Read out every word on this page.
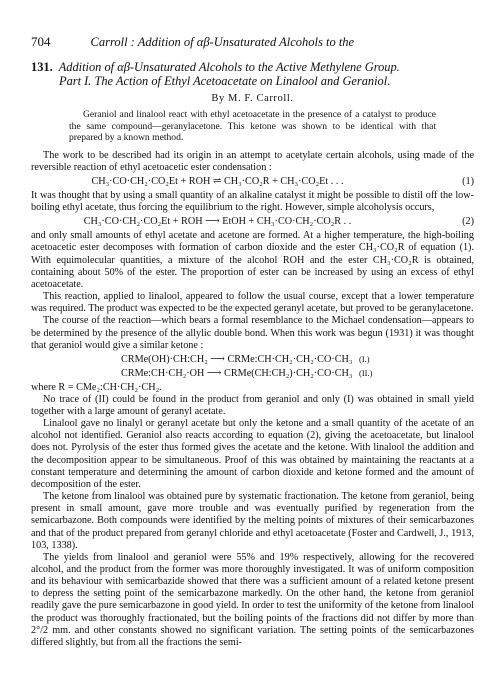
704	Carroll : Addition of αβ-Unsaturated Alcohols to the
131. Addition of αβ-Unsaturated Alcohols to the Active Methylene Group.
Part I. The Action of Ethyl Acetoacetate on Linalool and Geraniol.
By M. F. Carroll.
Geraniol and linalool react with ethyl acetoacetate in the presence of a catalyst to produce the same compound—geranylacetone. This ketone was shown to be identical with that prepared by a known method.

The work to be described had its origin in an attempt to acetylate certain alcohols, using made of the reversible reaction of ethyl acetoacetic ester condensation :

CH₃·CO·CH₂·CO₂Et + ROH ⇌ CH₃·CO₂R + CH₃·CO₂Et . . .	(1)

It was thought that by using a small quantity of an alkaline catalyst it might be possible to distil off the low-boiling ethyl acetate, thus forcing the equilibrium to the right. However, simple alcoholysis occurs,

CH₃·CO·CH₂·CO₂Et + ROH ⟶ EtOH + CH₃·CO·CH₂·CO₂R . .	(2)

and only small amounts of ethyl acetate and acetone are formed. At a higher temperature, the high-boiling acetoacetic ester decomposes with formation of carbon dioxide and the ester CH₃·CO₂R of equation (1). With equimolecular quantities, a mixture of the alcohol ROH and the ester CH₃·CO₂R is obtained, containing about 50% of the ester. The proportion of ester can be increased by using an excess of ethyl acetoacetate.

This reaction, applied to linalool, appeared to follow the usual course, except that a lower temperature was required. The product was expected to be the expected geranyl acetate, but proved to be geranylacetone.

The course of the reaction—which bears a formal resemblance to the Michael condensation—appears to be determined by the presence of the allylic double bond. When this work was begun (1931) it was thought that geraniol would give a similar ketone :

CRMe(OH)·CH:CH₂ ⟶ CRMe:CH·CH₂·CH₂·CO·CH₃ (I.)
CRMe:CH·CH₂·OH ⟶ CRMe(CH:CH₂)·CH₂·CO·CH₃ (II.)

where R = CMe₂:CH·CH₂·CH₂.

No trace of (II) could be found in the product from geraniol and only (I) was obtained in small yield together with a large amount of geranyl acetate.

Linalool gave no linalyl or geranyl acetate but only the ketone and a small quantity of the acetate of an alcohol not identified. Geraniol also reacts according to equation (2), giving the acetoacetate, but linalool does not. Pyrolysis of the ester thus formed gives the acetate and the ketone. With linalool the addition and the decomposition appear to be simultaneous. Proof of this was obtained by maintaining the reactants at a constant temperature and determining the amount of carbon dioxide and ketone formed and the amount of decomposition of the ester.

The ketone from linalool was obtained pure by systematic fractionation. The ketone from geraniol, being present in small amount, gave more trouble and was eventually purified by regeneration from the semicarbazone. Both compounds were identified by the melting points of mixtures of their semicarbazones and that of the product prepared from geranyl chloride and ethyl acetoacetate (Foster and Cardwell, J., 1913, 103, 1338).

The yields from linalool and geraniol were 55% and 19% respectively, allowing for the recovered alcohol, and the product from the former was more thoroughly investigated. It was of uniform composition and its behaviour with semicarbazide showed that there was a sufficient amount of a related ketone present to depress the setting point of the semicarbazone markedly. On the other hand, the ketone from geraniol readily gave the pure semicarbazone in good yield. In order to test the uniformity of the ketone from linalool the product was thoroughly fractionated, but the boiling points of the fractions did not differ by more than 2°/2 mm. and other constants showed no significant variation. The setting points of the semicarbazones differed slightly, but from all the fractions the semi-
